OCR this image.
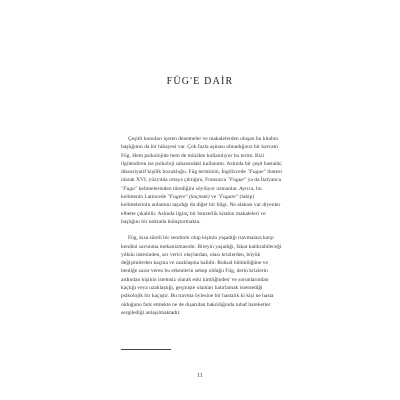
FÜG'E DAİR

Çeşitli konuları içeren denemeler ve makalelerden oluşan bu kitabın başlığının da bir hikayesi var. Çok fazla aşinası olmadığınız bir kavram Füg. Hem psikolojide hem de müzikte kullanılıyor bu terim. Bizi ilgilendiren ise psikoloji sahasındaki kullanımı. Aslında bir çeşit hastalık; dissosiyatif kişilik bozukluğu. Füg teriminin, İngilizcede "Fugue" ibaresi olarak XVI. yüzyılda ortaya çıktığını, Fransızca "Fugue" ya da İtalyanca "Fuga" kelimelerinden türediğini söylüyor uzmanlar. Ayrıca, bu kelimenin Latincede "Fugere" (kaçmak) ve "Fugare" (takip) kelimelerinin anlamını taşıdığı da diğer bir bilgi. Ne alakası var diyenler elbette çıkabilir. Aslında ilginç bir benzerlik kitabın makaleleri ve başlığını bir noktada buluşturmakta.

Füg, kısa süreli bir sendrom olup kişinin yaşadığı travmalara karşı kendini savunma mekanizmasıdır. Bireyin yaşadığı, fakat kaldırabileceği yükün üstesinden, acı verici olaylardan, olası krizlerden, büyük değişimlerden kaçma ve uzaklaşma halidir. Ruhsal bütünlüğüne ve benliğe zarar veren bu etkenlerin sebep olduğu Füg, derin krizlerin ardından kişinin istemsiz olarak eski kimliğinden' ve sorunlarından kaçtığı veya uzaklaştığı, geçmişte olanları hatırlamak istemediği psikolojik bir kaçıştır. Bu travma öylesine bir hastalık ki kişi ne hasta olduğunu fark etmekte ne de dışarıdan bakıldığında tuhaf hareketler sergilediği anlaşılmaktadır.

11
